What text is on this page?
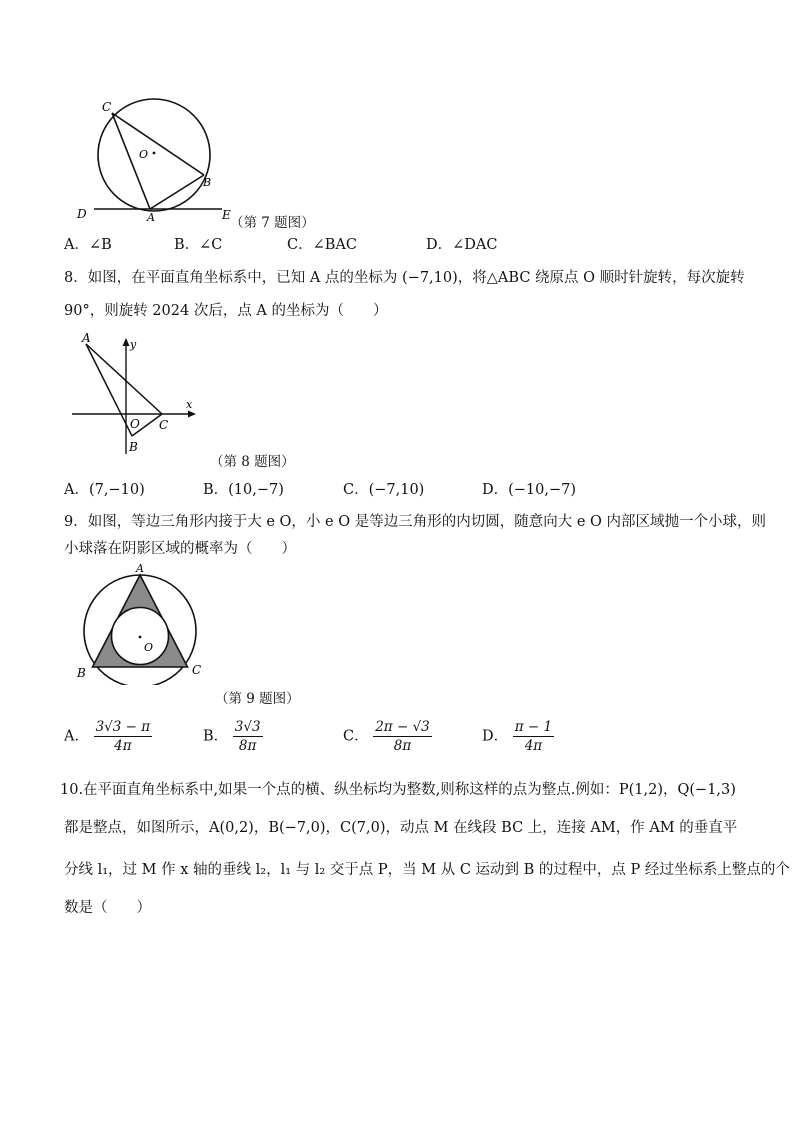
C
O
B
D	A	E （第 7 题图）
A．∠B	B．∠C	C．∠BAC	D．∠DAC
8．如图，在平面直角坐标系中，已知 A 点的坐标为 (−7,10)，将△ABC 绕原点 O 顺时针旋转，每次旋转
90°，则旋转 2024 次后，点 A 的坐标为（　　）
A	y
x
O C
B
（第 8 题图）
A．(7,−10)	B．(10,−7)	C．(−7,10)	D．(−10,−7)
9．如图，等边三角形内接于大 e O，小 e O 是等边三角形的内切圆，随意向大 e O 内部区域抛一个小球，则
小球落在阴影区域的概率为（　　）
A
O
B	C
（第 9 题图）
A． $\frac{3√3 - \pi}{4\pi}$	B． $\frac{3√3}{8\pi}$	C． $\frac{2\pi - √3}{8\pi}$	D． $\frac{\pi - 1}{4\pi}$
10.在平面直角坐标系中,如果一个点的横、纵坐标均为整数,则称这样的点为整点.例如：P(1,2)，Q(−1,3)
都是整点，如图所示，A(0,2)，B(−7,0)，C(7,0)，动点 M 在线段 BC 上，连接 AM，作 AM 的垂直平
分线 l₁，过 M 作 x 轴的垂线 l₂，l₁ 与 l₂ 交于点 P，当 M 从 C 运动到 B 的过程中，点 P 经过坐标系上整点的个
数是（　　）
